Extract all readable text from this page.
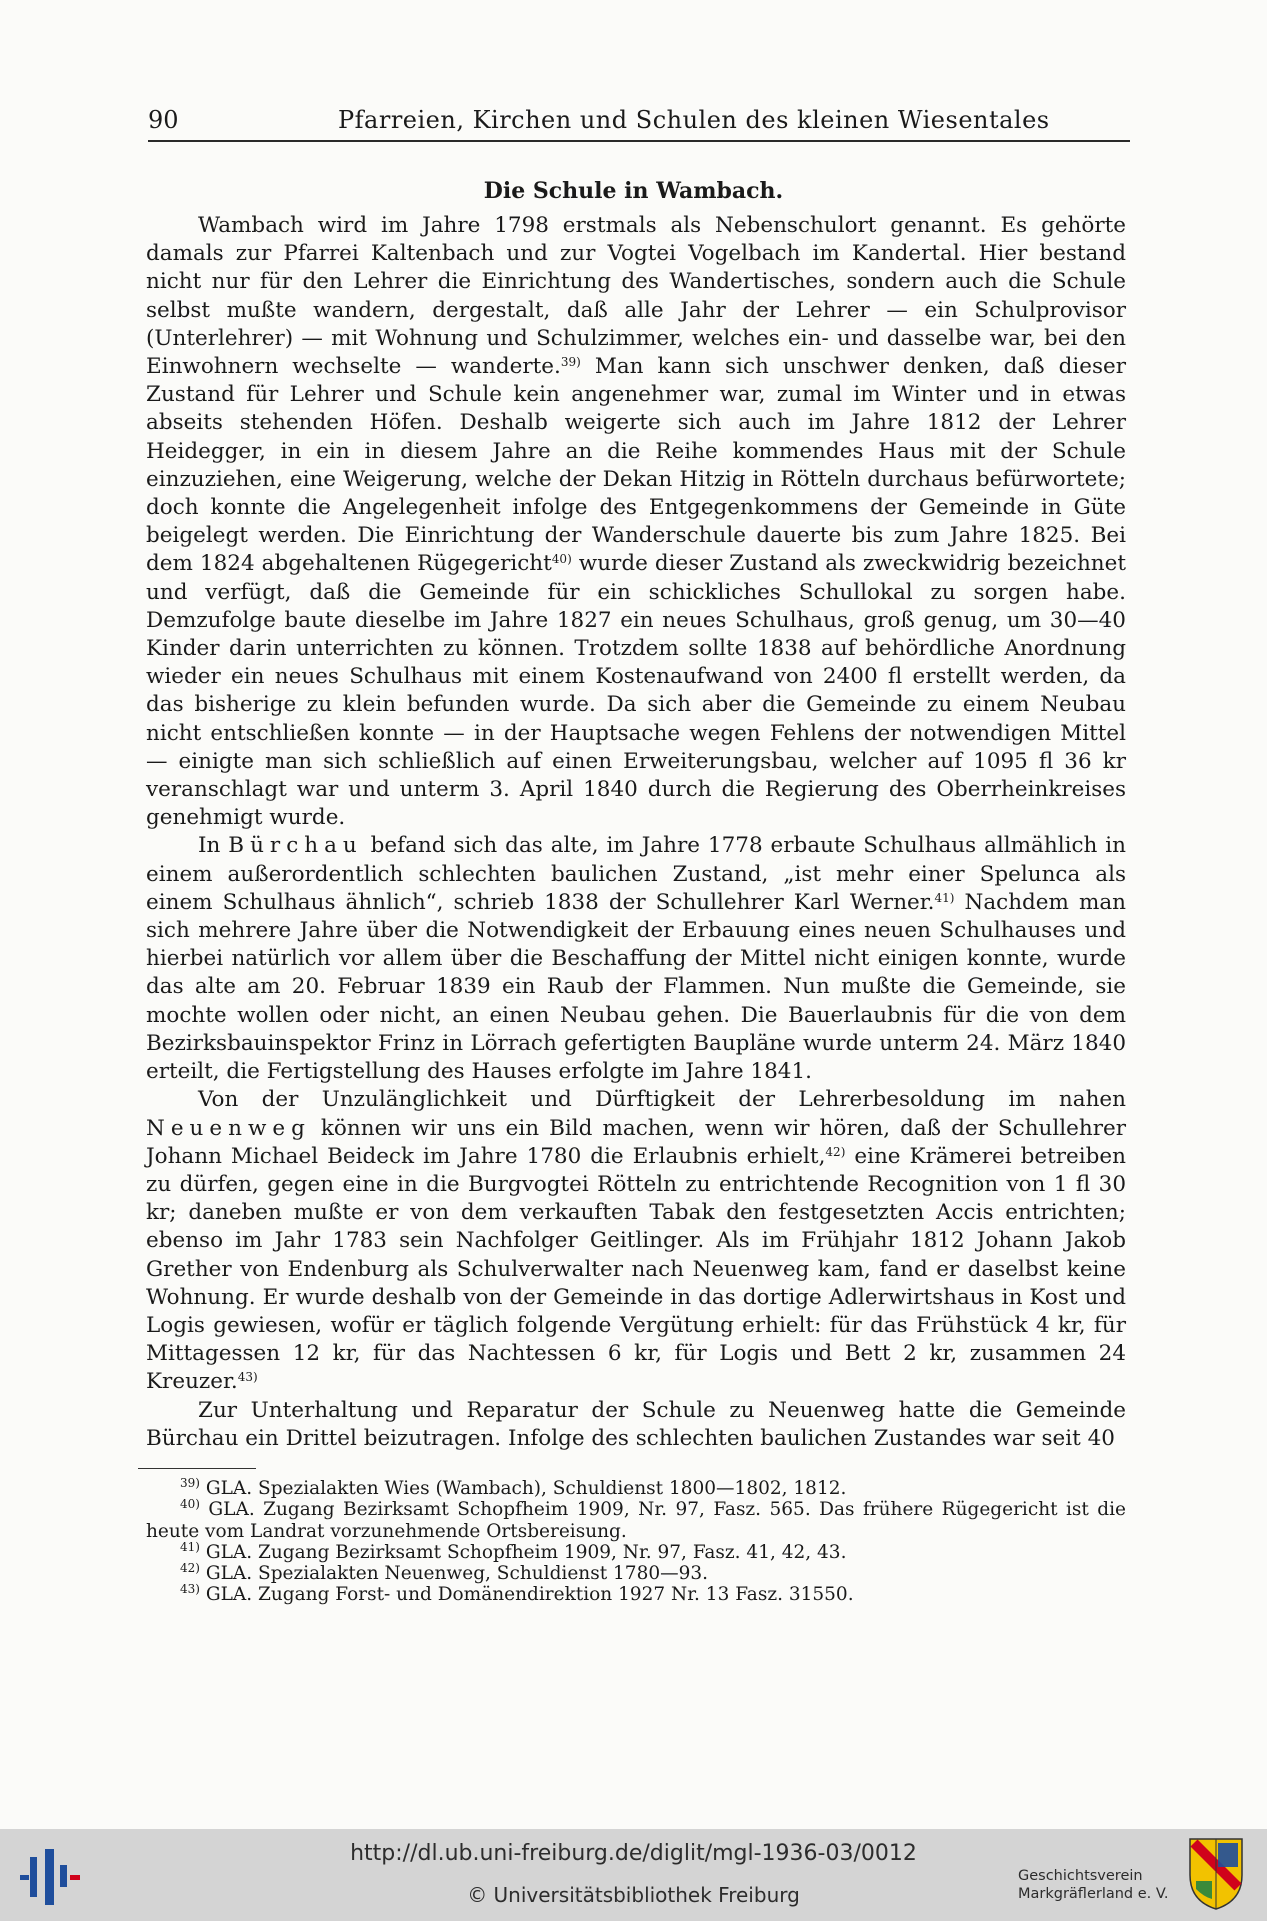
90	Pfarreien, Kirchen und Schulen des kleinen Wiesentales
Die Schule in Wambach.

Wambach wird im Jahre 1798 erstmals als Nebenschulort genannt. Es gehörte damals zur Pfarrei Kaltenbach und zur Vogtei Vogelbach im Kandertal. Hier bestand nicht nur für den Lehrer die Einrichtung des Wandertisches, sondern auch die Schule selbst mußte wandern, dergestalt, daß alle Jahr der Lehrer — ein Schulprovisor (Unterlehrer) — mit Wohnung und Schulzimmer, welches ein- und dasselbe war, bei den Einwohnern wechselte — wanderte.$^{39)}$ Man kann sich unschwer denken, daß dieser Zustand für Lehrer und Schule kein angenehmer war, zumal im Winter und in etwas abseits stehenden Höfen. Deshalb weigerte sich auch im Jahre 1812 der Lehrer Heidegger, in ein in diesem Jahre an die Reihe kommendes Haus mit der Schule einzuziehen, eine Weigerung, welche der Dekan Hitzig in Rötteln durchaus befürwortete; doch konnte die Angelegenheit infolge des Entgegenkommens der Gemeinde in Güte beigelegt werden. Die Einrichtung der Wanderschule dauerte bis zum Jahre 1825. Bei dem 1824 abgehaltenen Rügegericht$^{40)}$ wurde dieser Zustand als zweckwidrig bezeichnet und verfügt, daß die Gemeinde für ein schickliches Schullokal zu sorgen habe. Demzufolge baute dieselbe im Jahre 1827 ein neues Schulhaus, groß genug, um 30—40 Kinder darin unterrichten zu können. Trotzdem sollte 1838 auf behördliche Anordnung wieder ein neues Schulhaus mit einem Kostenaufwand von 2400 fl erstellt werden, da das bisherige zu klein befunden wurde. Da sich aber die Gemeinde zu einem Neubau nicht entschließen konnte — in der Hauptsache wegen Fehlens der notwendigen Mittel — einigte man sich schließlich auf einen Erweiterungsbau, welcher auf 1095 fl 36 kr veranschlagt war und unterm 3. April 1840 durch die Regierung des Oberrheinkreises genehmigt wurde.

In Bürchau befand sich das alte, im Jahre 1778 erbaute Schulhaus allmählich in einem außerordentlich schlechten baulichen Zustand, „ist mehr einer Spelunca als einem Schulhaus ähnlich“, schrieb 1838 der Schullehrer Karl Werner.$^{41)}$ Nachdem man sich mehrere Jahre über die Notwendigkeit der Erbauung eines neuen Schulhauses und hierbei natürlich vor allem über die Beschaffung der Mittel nicht einigen konnte, wurde das alte am 20. Februar 1839 ein Raub der Flammen. Nun mußte die Gemeinde, sie mochte wollen oder nicht, an einen Neubau gehen. Die Bauerlaubnis für die von dem Bezirksbauinspektor Frinz in Lörrach gefertigten Baupläne wurde unterm 24. März 1840 erteilt, die Fertigstellung des Hauses erfolgte im Jahre 1841.

Von der Unzulänglichkeit und Dürftigkeit der Lehrerbesoldung im nahen Neuenweg können wir uns ein Bild machen, wenn wir hören, daß der Schullehrer Johann Michael Beideck im Jahre 1780 die Erlaubnis erhielt,$^{42)}$ eine Krämerei betreiben zu dürfen, gegen eine in die Burgvogtei Rötteln zu entrichtende Recognition von 1 fl 30 kr; daneben mußte er von dem verkauften Tabak den festgesetzten Accis entrichten; ebenso im Jahr 1783 sein Nachfolger Geitlinger. Als im Frühjahr 1812 Johann Jakob Grether von Endenburg als Schulverwalter nach Neuenweg kam, fand er daselbst keine Wohnung. Er wurde deshalb von der Gemeinde in das dortige Adlerwirtshaus in Kost und Logis gewiesen, wofür er täglich folgende Vergütung erhielt: für das Frühstück 4 kr, für Mittagessen 12 kr, für das Nachtessen 6 kr, für Logis und Bett 2 kr, zusammen 24 Kreuzer.$^{43)}$

Zur Unterhaltung und Reparatur der Schule zu Neuenweg hatte die Gemeinde Bürchau ein Drittel beizutragen. Infolge des schlechten baulichen Zustandes war seit 40

$^{39)}$ GLA. Spezialakten Wies (Wambach), Schuldienst 1800—1802, 1812.
$^{40)}$ GLA. Zugang Bezirksamt Schopfheim 1909, Nr. 97, Fasz. 565. Das frühere Rügegericht ist die heute vom Landrat vorzunehmende Ortsbereisung.
$^{41)}$ GLA. Zugang Bezirksamt Schopfheim 1909, Nr. 97, Fasz. 41, 42, 43.
$^{42)}$ GLA. Spezialakten Neuenweg, Schuldienst 1780—93.
$^{43)}$ GLA. Zugang Forst- und Domänendirektion 1927 Nr. 13 Fasz. 31550.
http://dl.ub.uni-freiburg.de/diglit/mgl-1936-03/0012
© Universitätsbibliothek Freiburg
Geschichtsverein
Markgräflerland e. V.
